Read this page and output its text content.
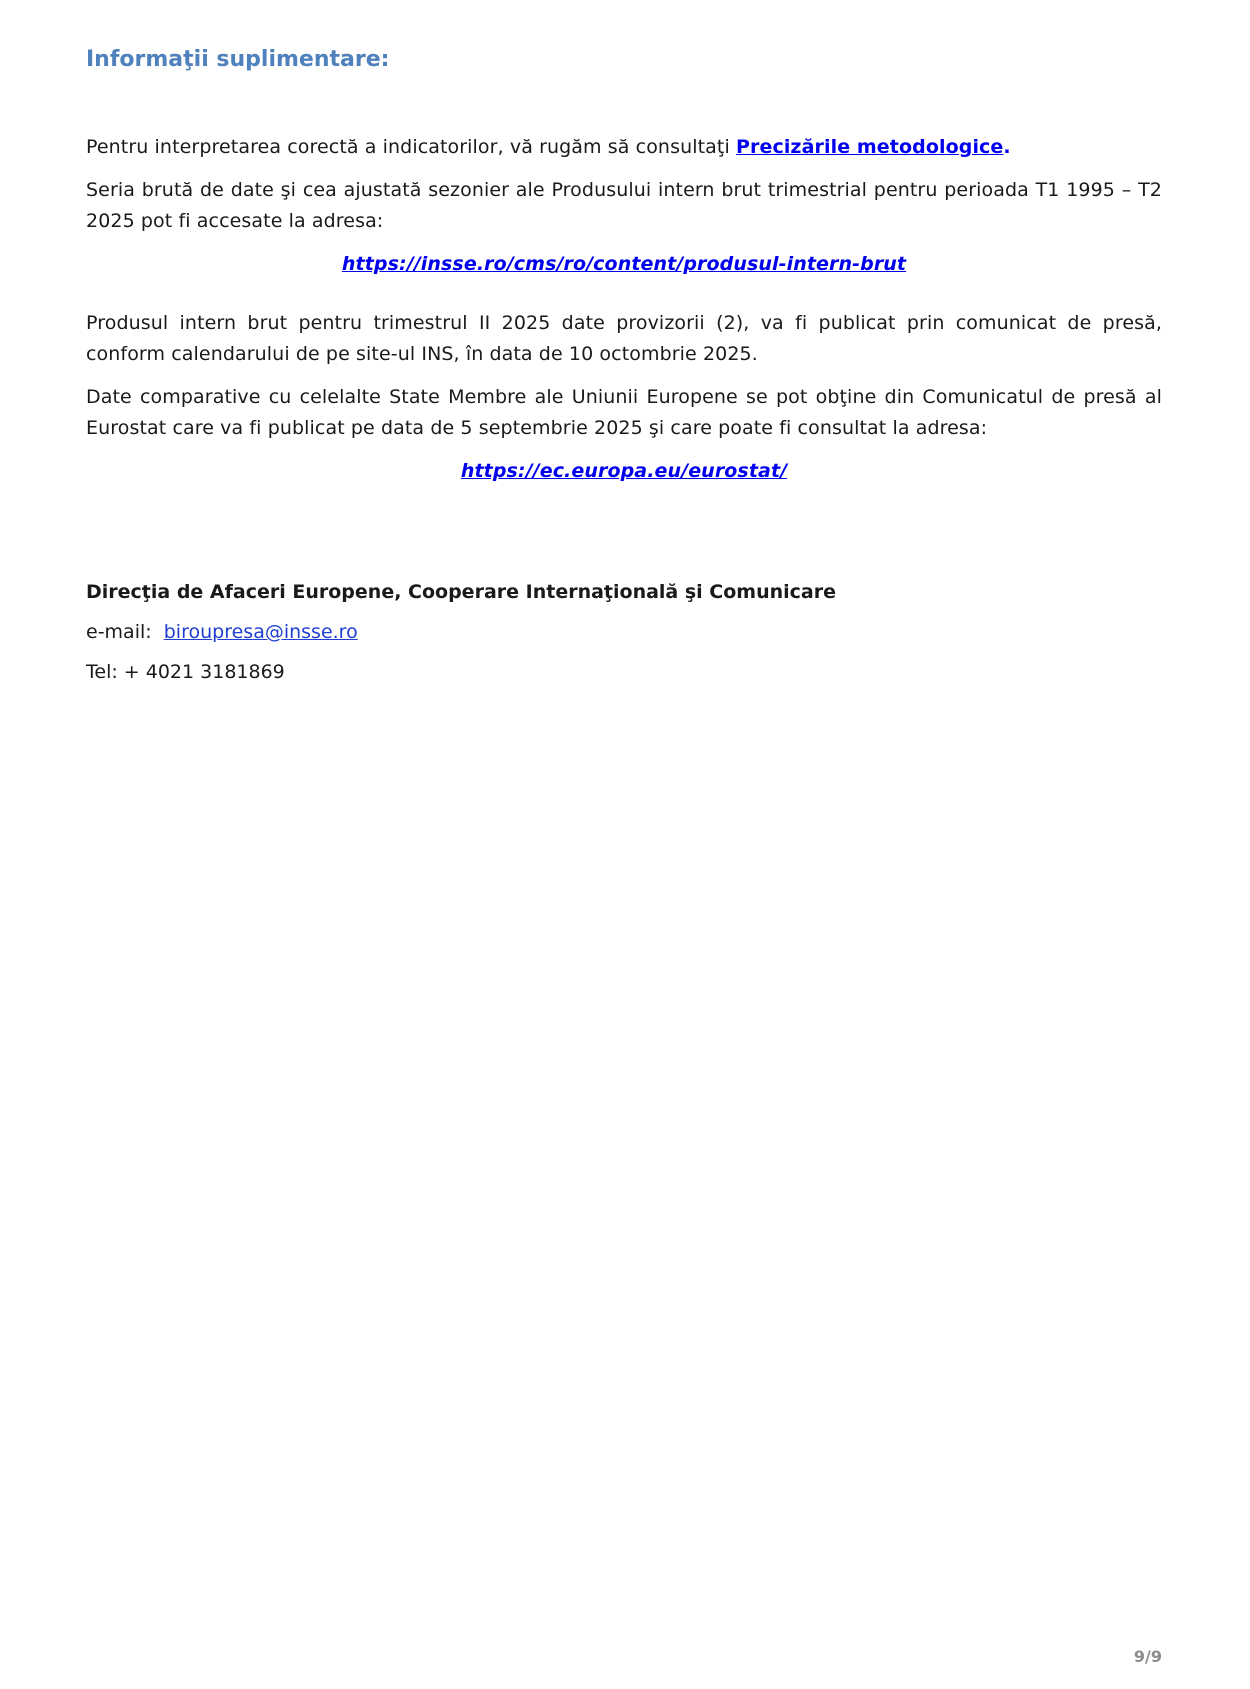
Informaţii suplimentare:

Pentru interpretarea corectă a indicatorilor, vă rugăm să consultaţi Precizările metodologice.

Seria brută de date şi cea ajustată sezonier ale Produsului intern brut trimestrial pentru perioada T1 1995 – T2 2025 pot fi accesate la adresa:

https://insse.ro/cms/ro/content/produsul-intern-brut

Produsul intern brut pentru trimestrul II 2025 date provizorii (2), va fi publicat prin comunicat de presă, conform calendarului de pe site-ul INS, în data de 10 octombrie 2025.

Date comparative cu celelalte State Membre ale Uniunii Europene se pot obţine din Comunicatul de presă al Eurostat care va fi publicat pe data de 5 septembrie 2025 şi care poate fi consultat la adresa:

https://ec.europa.eu/eurostat/

Direcţia de Afaceri Europene, Cooperare Internaţională şi Comunicare
e-mail: biroupresa@insse.ro
Tel: + 4021 3181869
9/9
